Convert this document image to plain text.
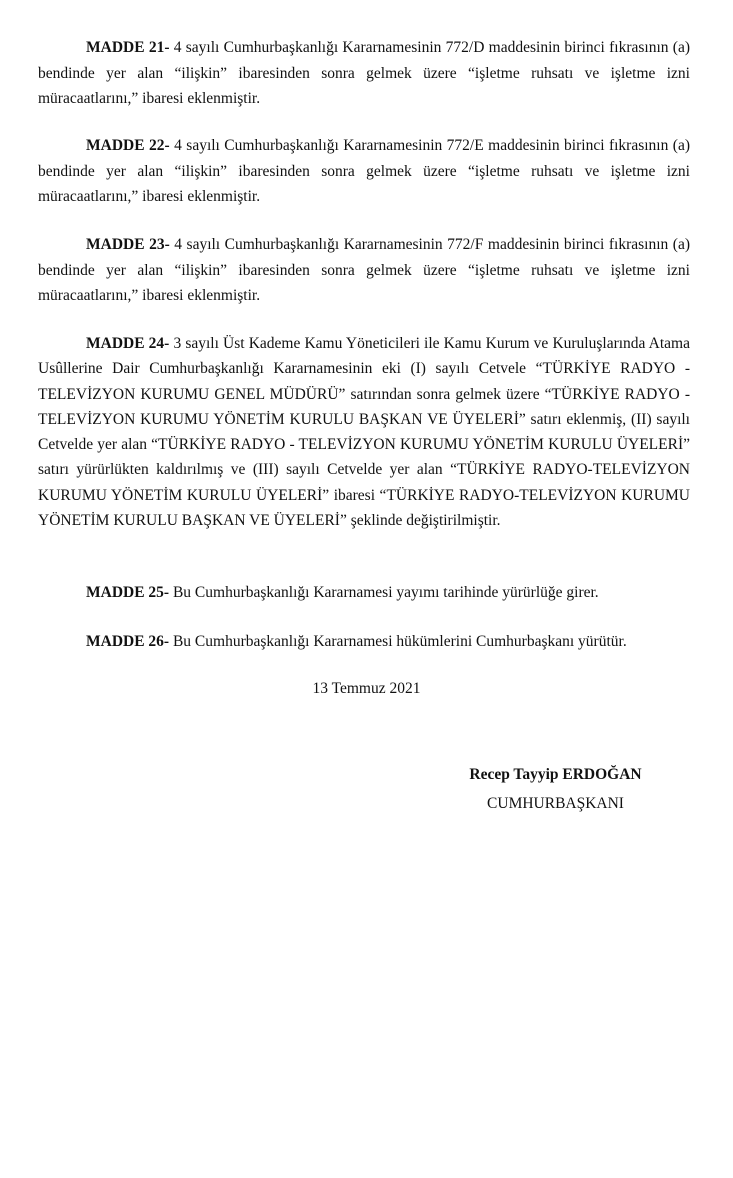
MADDE 21- 4 sayılı Cumhurbaşkanlığı Kararnamesinin 772/D maddesinin birinci fıkrasının (a) bendinde yer alan “ilişkin” ibaresinden sonra gelmek üzere “işletme ruhsatı ve işletme izni müracaatlarını,” ibaresi eklenmiştir.

MADDE 22- 4 sayılı Cumhurbaşkanlığı Kararnamesinin 772/E maddesinin birinci fıkrasının (a) bendinde yer alan “ilişkin” ibaresinden sonra gelmek üzere “işletme ruhsatı ve işletme izni müracaatlarını,” ibaresi eklenmiştir.

MADDE 23- 4 sayılı Cumhurbaşkanlığı Kararnamesinin 772/F maddesinin birinci fıkrasının (a) bendinde yer alan “ilişkin” ibaresinden sonra gelmek üzere “işletme ruhsatı ve işletme izni müracaatlarını,” ibaresi eklenmiştir.

MADDE 24- 3 sayılı Üst Kademe Kamu Yöneticileri ile Kamu Kurum ve Kuruluşlarında Atama Usûllerine Dair Cumhurbaşkanlığı Kararnamesinin eki (I) sayılı Cetvele “TÜRKİYE RADYO - TELEVİZYON KURUMU GENEL MÜDÜRÜ” satırından sonra gelmek üzere “TÜRKİYE RADYO - TELEVİZYON KURUMU YÖNETİM KURULU BAŞKAN VE ÜYELERİ” satırı eklenmiş, (II) sayılı Cetvelde yer alan “TÜRKİYE RADYO - TELEVİZYON KURUMU YÖNETİM KURULU ÜYELERİ” satırı yürürlükten kaldırılmış ve (III) sayılı Cetvelde yer alan “TÜRKİYE RADYO-TELEVİZYON KURUMU YÖNETİM KURULU ÜYELERİ” ibaresi “TÜRKİYE RADYO-TELEVİZYON KURUMU YÖNETİM KURULU BAŞKAN VE ÜYELERİ” şeklinde değiştirilmiştir.

MADDE 25- Bu Cumhurbaşkanlığı Kararnamesi yayımı tarihinde yürürlüğe girer.

MADDE 26- Bu Cumhurbaşkanlığı Kararnamesi hükümlerini Cumhurbaşkanı yürütür.

13 Temmuz 2021

Recep Tayyip ERDOĞAN

CUMHURBAŞKANI
